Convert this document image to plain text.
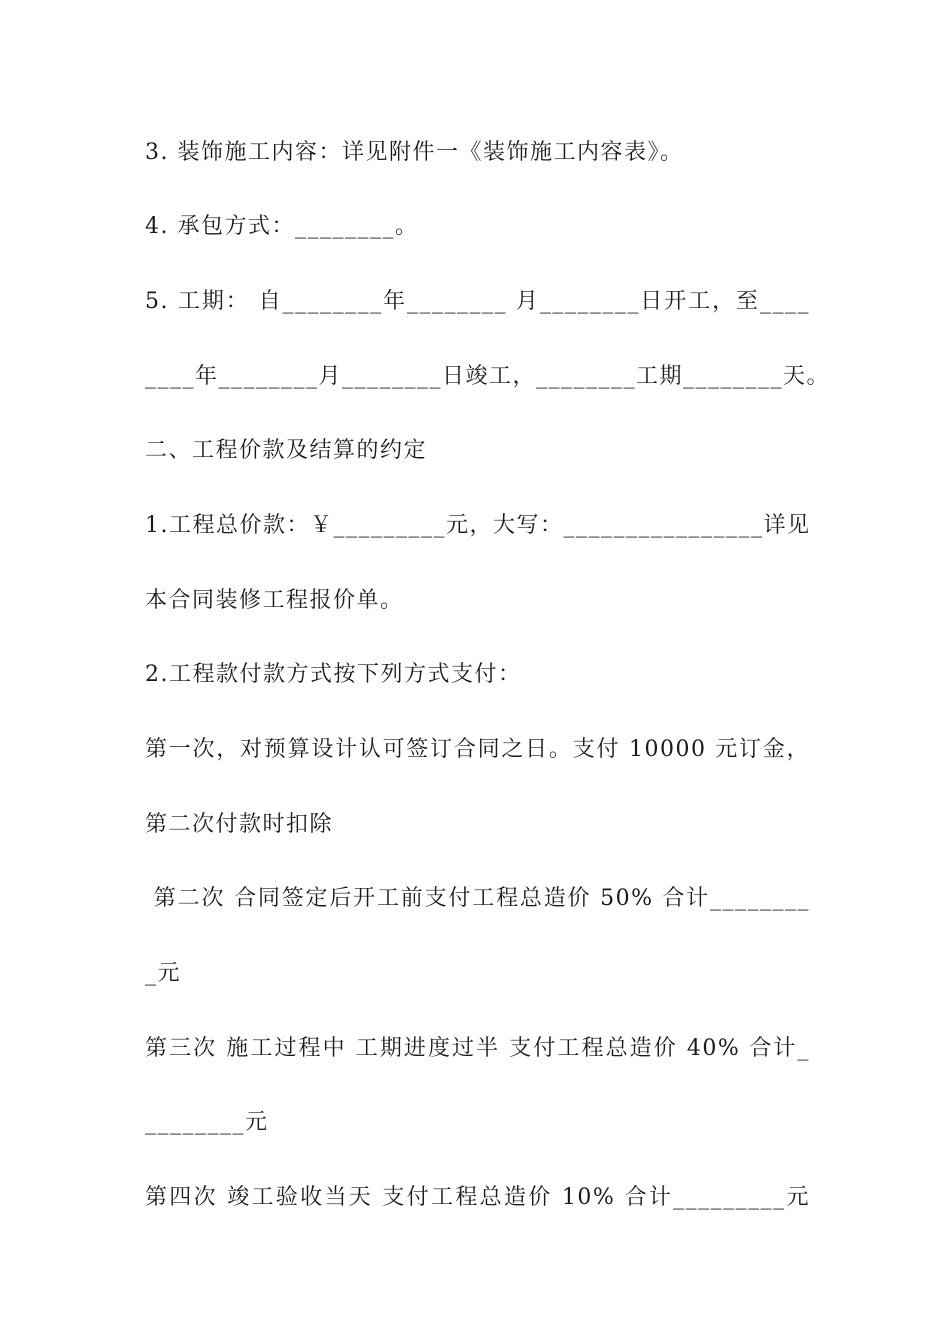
3. 装饰施工内容：详见附件一《装饰施工内容表》。
4. 承包方式：________。
5. 工期： 自________年________ 月________日开工，至____
____年________月________日竣工，________工期________天。
二、工程价款及结算的约定
1.工程总价款：￥_________元，大写：________________详见
本合同装修工程报价单。
2.工程款付款方式按下列方式支付：
第一次，对预算设计认可签订合同之日。支付 10000 元订金，
第二次付款时扣除
第二次 合同签定后开工前支付工程总造价 50% 合计________
_元
第三次 施工过程中 工期进度过半 支付工程总造价 40% 合计_
________元
第四次 竣工验收当天 支付工程总造价 10% 合计_________元
